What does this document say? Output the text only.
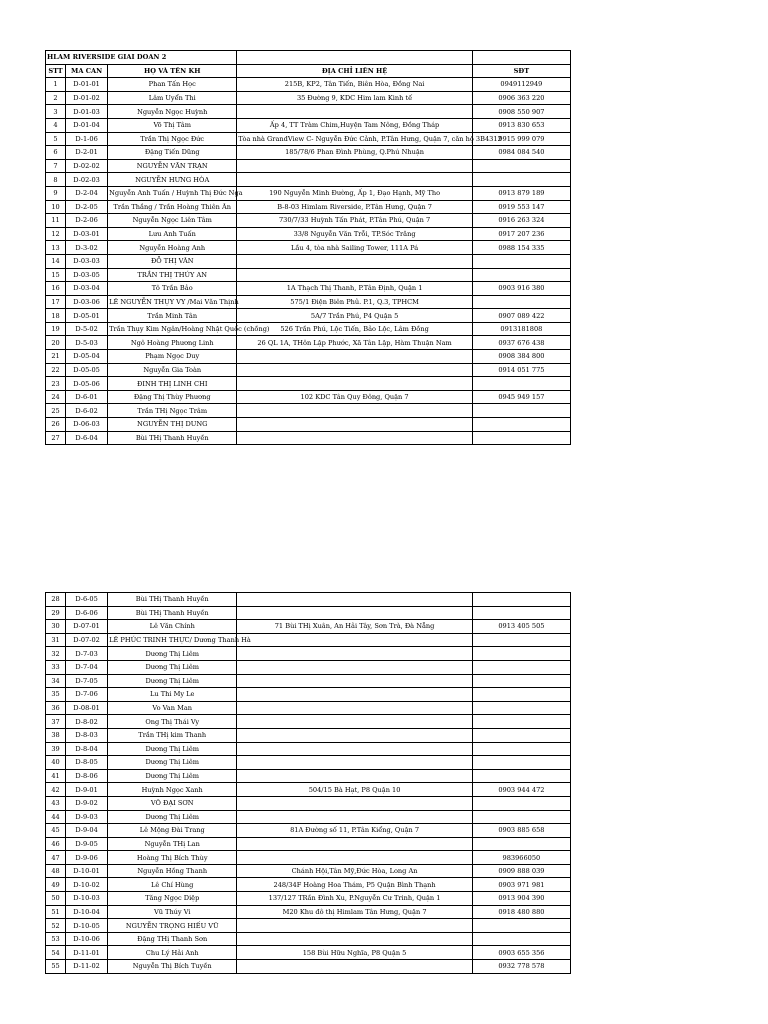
HLAM RIVERSIDE GIAI DOAN 2				
STT	MA CAN	HỌ VÀ TÊN KH	ĐỊA CHỈ LIÊN HỆ	SĐT
1	D-01-01	Phan Tấn Học	215B, KP2, Tân Tiến, Biên Hòa, Đồng Nai	0949112949
2	D-01-02	Lâm Uyển Thi	35 Đường 9, KDC Him lam Kinh tế	0906 363 220
3	D-01-03	Nguyễn Ngọc Huỳnh		0908 550 907
4	D-01-04	Võ Thị Tâm	Ấp 4, TT Tràm Chim,Huyện Tam Nông, Đồng Tháp	0913 830 653
5	D-1-06	Trần Thị Ngọc Đức	Tòa nhà GrandView C- Nguyễn Đức Cảnh, P.Tân Hưng, Quận 7, căn hộ 3B4312	9915 999 079
6	D-2-01	Đặng Tiến Dũng	185/78/6 Phan Đình Phùng, Q.Phú Nhuận	0984 084 540
7	D-02-02	NGUYỄN VĂN TRẠN		
8	D-02-03	NGUYỄN HƯNG HÒA		
9	D-2-04	Nguyễn Anh Tuấn / Huỳnh Thị Đức Nga	190 Nguyễn Minh Đường, Ấp 1, Đạo Hạnh, Mỹ Tho	0913 879 189
10	D-2-05	Trần Thắng / Trần Hoàng Thiên Ân	B-8-03 Himlam Riverside, P.Tân Hưng, Quận 7	0919 553 147
11	D-2-06	Nguyễn Ngọc Liên Tâm	730/7/33 Huỳnh Tấn Phát, P.Tân Phú, Quận 7	0916 263 324
12	D-03-01	Lưu Anh Tuấn	33/8 Nguyễn Văn Trỗi, TP.Sóc Trăng	0917 207 236
13	D-3-02	Nguyễn Hoàng Anh	Lầu 4, tòa nhà Sailing Tower, 111A Pá	0988 154 335
14	D-03-03	ĐỖ THỊ VÂN		
15	D-03-05	TRẦN THỊ THÚY AN		
16	D-03-04	Tô Trần Bảo	1A Thạch Thị Thanh, P.Tân Định, Quận 1	0903 916 380
17	D-03-06	LÊ NGUYỄN THỤY VY /Mai Văn Thịnh	575/1 Điện Biên Phủ. P.1, Q.3, TPHCM	
18	D-05-01	Trần Minh Tân	5A/7 Trần Phú, P4 Quận 5	0907 089 422
19	D-5-02	Trần Thụy Kim Ngân/Hoàng Nhật Quốc (chồng)	526 Trần Phú, Lộc Tiến, Bảo Lộc, Lâm Đồng	0913181808
20	D-5-03	Ngô Hoàng Phương Linh	26 QL 1A, THôn Lập Phước, Xã Tân Lập, Hàm Thuận Nam	0937 676 438
21	D-05-04	Phạm Ngọc Duy		0908 384 800
22	D-05-05	Nguyễn Gia Toàn		0914 051 775
23	D-05-06	ĐINH THỊ LINH CHI		
24	D-6-01	Đặng Thị Thùy Phương	102 KDC Tân Quy Đông, Quận 7	0945 949 157
25	D-6-02	Trần THị Ngọc Trâm		
26	D-06-03	NGUYỄN THỊ DUNG		
27	D-6-04	Bùi THị Thanh Huyền		
28	D-6-05	Bùi THị Thanh Huyền		
29	D-6-06	Bùi THị Thanh Huyền		
30	D-07-01	Lê Văn Chính	71 Bùi THị Xuân, An Hải Tây, Sơn Trà, Đà Nẵng	0913 405 505
31	D-07-02	LÊ PHÚC TRINH THỰC/ Dương Thanh Hà		
32	D-7-03	Dương Thị Liêm		
33	D-7-04	Dương Thị Liêm		
34	D-7-05	Dương Thị Liêm		
35	D-7-06	Lu Thi My Le		
36	D-08-01	Vo Van Man		
37	D-8-02	Ong Thị Thái Vy		
38	D-8-03	Trần THị kim Thanh		
39	D-8-04	Dương Thị Liêm		
40	D-8-05	Dương Thị Liêm		
41	D-8-06	Dương Thị Liêm		
42	D-9-01	Huỳnh Ngọc Xanh	504/15 Bà Hạt, P8 Quận 10	0903 944 472
43	D-9-02	VÕ ĐẠI SƠN		
44	D-9-03	Dương Thị Liêm		
45	D-9-04	Lê Mộng Đài Trang	81A Đường số 11, P.Tân Kiểng, Quận 7	0903 885 658
46	D-9-05	Nguyễn THị Lan		
47	D-9-06	Hoàng Thị Bích Thùy		983966050
48	D-10-01	Nguyễn Hồng Thanh	Chánh Hội,Tân Mỹ,Đức Hòa, Long An	0909 888 039
49	D-10-02	Lê Chí Hùng	248/34F Hoàng Hoa Thám, P5 Quận Bình Thạnh	0903 971 981
50	D-10-03	Tăng Ngọc Diệp	137/127 TRần Đình Xu, P.Nguyễn Cư Trinh, Quận 1	0913 904 390
51	D-10-04	Vũ Thúy Vi	M20 Khu đô thị Himlam Tân Hưng, Quận 7	0918 480 880
52	D-10-05	NGUYỄN TRỌNG HIẾU VŨ		
53	D-10-06	Đặng THị Thanh Sơn		
54	D-11-01	Chu Lý Hải Anh	158 Bùi Hữu Nghĩa, P8 Quận 5	0903 655 356
55	D-11-02	Nguyễn Thị Bích Tuyền		0932 778 578
